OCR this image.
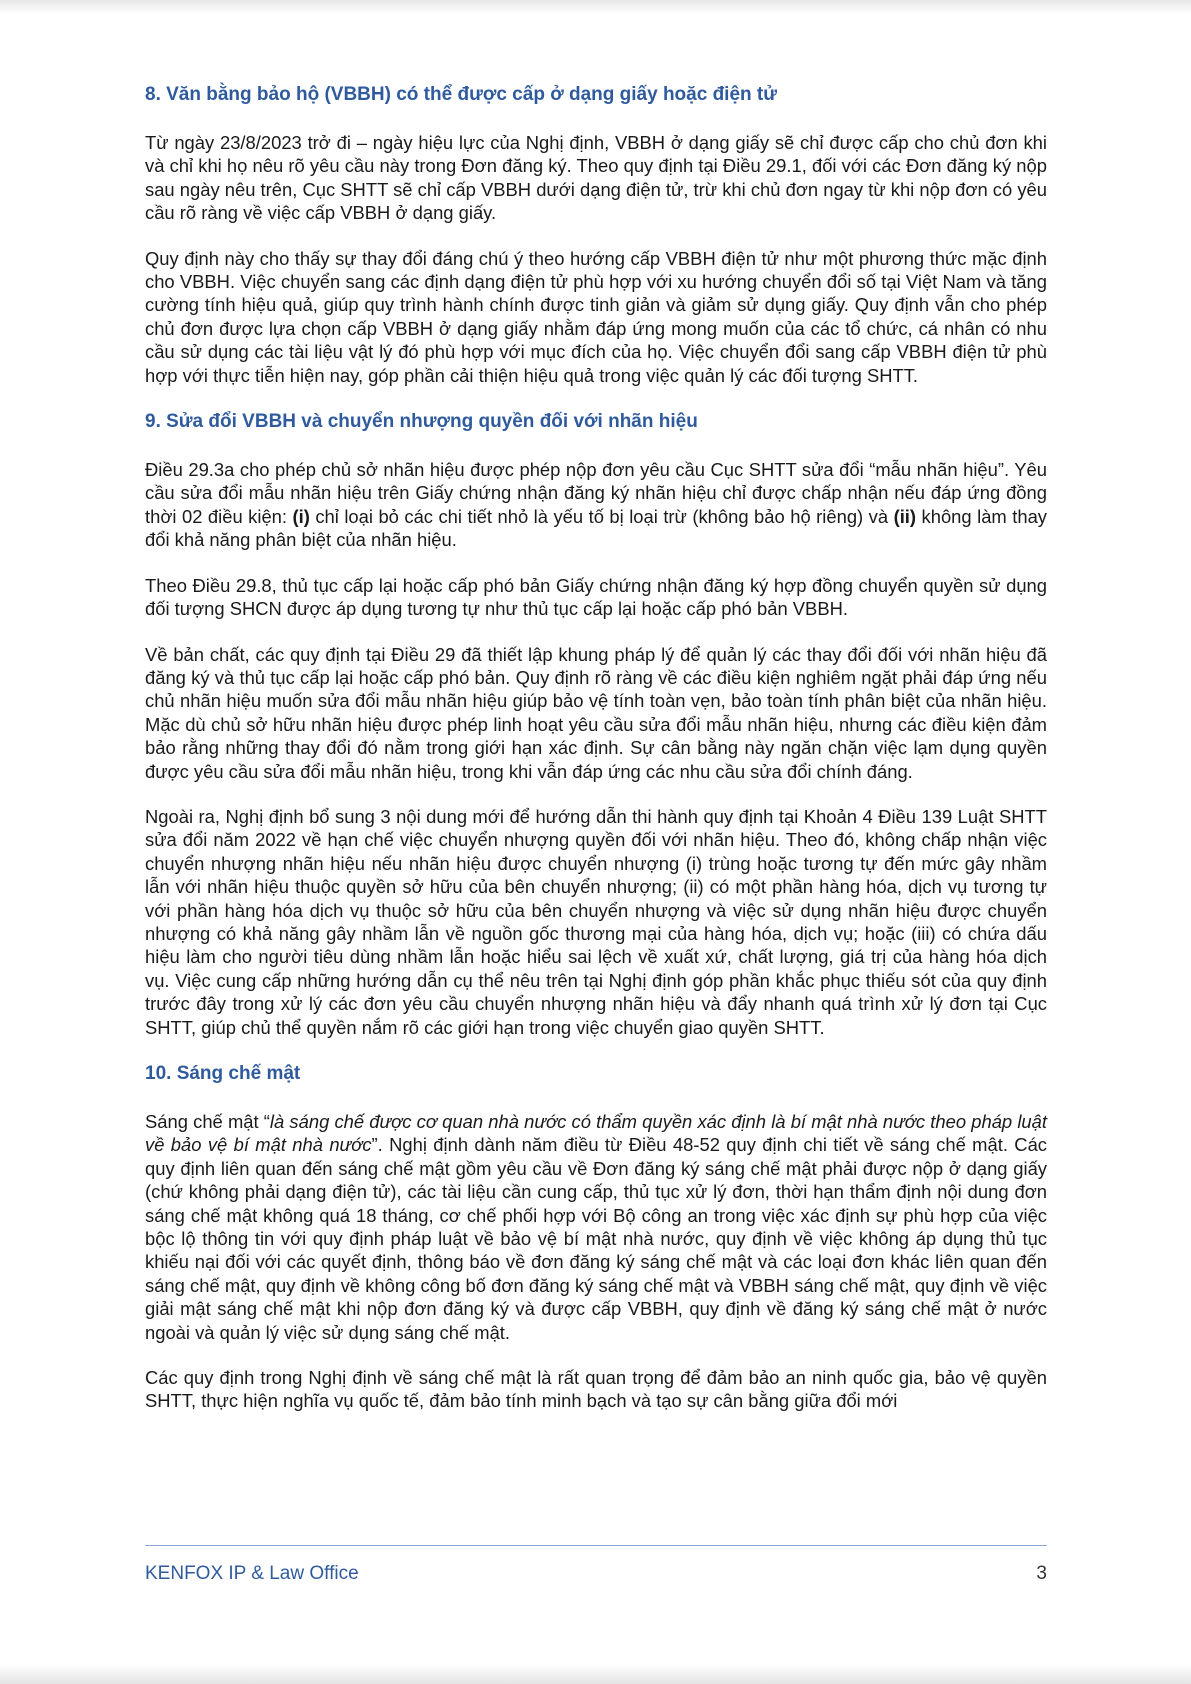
8. Văn bằng bảo hộ (VBBH) có thể được cấp ở dạng giấy hoặc điện tử

Từ ngày 23/8/2023 trở đi – ngày hiệu lực của Nghị định, VBBH ở dạng giấy sẽ chỉ được cấp cho chủ đơn khi và chỉ khi họ nêu rõ yêu cầu này trong Đơn đăng ký. Theo quy định tại Điều 29.1, đối với các Đơn đăng ký nộp sau ngày nêu trên, Cục SHTT sẽ chỉ cấp VBBH dưới dạng điện tử, trừ khi chủ đơn ngay từ khi nộp đơn có yêu cầu rõ ràng về việc cấp VBBH ở dạng giấy.

Quy định này cho thấy sự thay đổi đáng chú ý theo hướng cấp VBBH điện tử như một phương thức mặc định cho VBBH. Việc chuyển sang các định dạng điện tử phù hợp với xu hướng chuyển đổi số tại Việt Nam và tăng cường tính hiệu quả, giúp quy trình hành chính được tinh giản và giảm sử dụng giấy. Quy định vẫn cho phép chủ đơn được lựa chọn cấp VBBH ở dạng giấy nhằm đáp ứng mong muốn của các tổ chức, cá nhân có nhu cầu sử dụng các tài liệu vật lý đó phù hợp với mục đích của họ. Việc chuyển đổi sang cấp VBBH điện tử phù hợp với thực tiễn hiện nay, góp phần cải thiện hiệu quả trong việc quản lý các đối tượng SHTT.

9. Sửa đổi VBBH và chuyển nhượng quyền đối với nhãn hiệu

Điều 29.3a cho phép chủ sở nhãn hiệu được phép nộp đơn yêu cầu Cục SHTT sửa đổi “mẫu nhãn hiệu”. Yêu cầu sửa đổi mẫu nhãn hiệu trên Giấy chứng nhận đăng ký nhãn hiệu chỉ được chấp nhận nếu đáp ứng đồng thời 02 điều kiện: (i) chỉ loại bỏ các chi tiết nhỏ là yếu tố bị loại trừ (không bảo hộ riêng) và (ii) không làm thay đổi khả năng phân biệt của nhãn hiệu.

Theo Điều 29.8, thủ tục cấp lại hoặc cấp phó bản Giấy chứng nhận đăng ký hợp đồng chuyển quyền sử dụng đối tượng SHCN được áp dụng tương tự như thủ tục cấp lại hoặc cấp phó bản VBBH.

Về bản chất, các quy định tại Điều 29 đã thiết lập khung pháp lý để quản lý các thay đổi đối với nhãn hiệu đã đăng ký và thủ tục cấp lại hoặc cấp phó bản. Quy định rõ ràng về các điều kiện nghiêm ngặt phải đáp ứng nếu chủ nhãn hiệu muốn sửa đổi mẫu nhãn hiệu giúp bảo vệ tính toàn vẹn, bảo toàn tính phân biệt của nhãn hiệu. Mặc dù chủ sở hữu nhãn hiệu được phép linh hoạt yêu cầu sửa đổi mẫu nhãn hiệu, nhưng các điều kiện đảm bảo rằng những thay đổi đó nằm trong giới hạn xác định. Sự cân bằng này ngăn chặn việc lạm dụng quyền được yêu cầu sửa đổi mẫu nhãn hiệu, trong khi vẫn đáp ứng các nhu cầu sửa đổi chính đáng.

Ngoài ra, Nghị định bổ sung 3 nội dung mới để hướng dẫn thi hành quy định tại Khoản 4 Điều 139 Luật SHTT sửa đổi năm 2022 về hạn chế việc chuyển nhượng quyền đối với nhãn hiệu. Theo đó, không chấp nhận việc chuyển nhượng nhãn hiệu nếu nhãn hiệu được chuyển nhượng (i) trùng hoặc tương tự đến mức gây nhầm lẫn với nhãn hiệu thuộc quyền sở hữu của bên chuyển nhượng; (ii) có một phần hàng hóa, dịch vụ tương tự với phần hàng hóa dịch vụ thuộc sở hữu của bên chuyển nhượng và việc sử dụng nhãn hiệu được chuyển nhượng có khả năng gây nhầm lẫn về nguồn gốc thương mại của hàng hóa, dịch vụ; hoặc (iii) có chứa dấu hiệu làm cho người tiêu dùng nhầm lẫn hoặc hiểu sai lệch về xuất xứ, chất lượng, giá trị của hàng hóa dịch vụ. Việc cung cấp những hướng dẫn cụ thể nêu trên tại Nghị định góp phần khắc phục thiếu sót của quy định trước đây trong xử lý các đơn yêu cầu chuyển nhượng nhãn hiệu và đẩy nhanh quá trình xử lý đơn tại Cục SHTT, giúp chủ thể quyền nắm rõ các giới hạn trong việc chuyển giao quyền SHTT.

10. Sáng chế mật

Sáng chế mật “là sáng chế được cơ quan nhà nước có thẩm quyền xác định là bí mật nhà nước theo pháp luật về bảo vệ bí mật nhà nước”. Nghị định dành năm điều từ Điều 48-52 quy định chi tiết về sáng chế mật. Các quy định liên quan đến sáng chế mật gồm yêu cầu về Đơn đăng ký sáng chế mật phải được nộp ở dạng giấy (chứ không phải dạng điện tử), các tài liệu cần cung cấp, thủ tục xử lý đơn, thời hạn thẩm định nội dung đơn sáng chế mật không quá 18 tháng, cơ chế phối hợp với Bộ công an trong việc xác định sự phù hợp của việc bộc lộ thông tin với quy định pháp luật về bảo vệ bí mật nhà nước, quy định về việc không áp dụng thủ tục khiếu nại đối với các quyết định, thông báo về đơn đăng ký sáng chế mật và các loại đơn khác liên quan đến sáng chế mật, quy định về không công bố đơn đăng ký sáng chế mật và VBBH sáng chế mật, quy định về việc giải mật sáng chế mật khi nộp đơn đăng ký và được cấp VBBH, quy định về đăng ký sáng chế mật ở nước ngoài và quản lý việc sử dụng sáng chế mật.

Các quy định trong Nghị định về sáng chế mật là rất quan trọng để đảm bảo an ninh quốc gia, bảo vệ quyền SHTT, thực hiện nghĩa vụ quốc tế, đảm bảo tính minh bạch và tạo sự cân bằng giữa đổi mới

KENFOX IP & Law Office	3
